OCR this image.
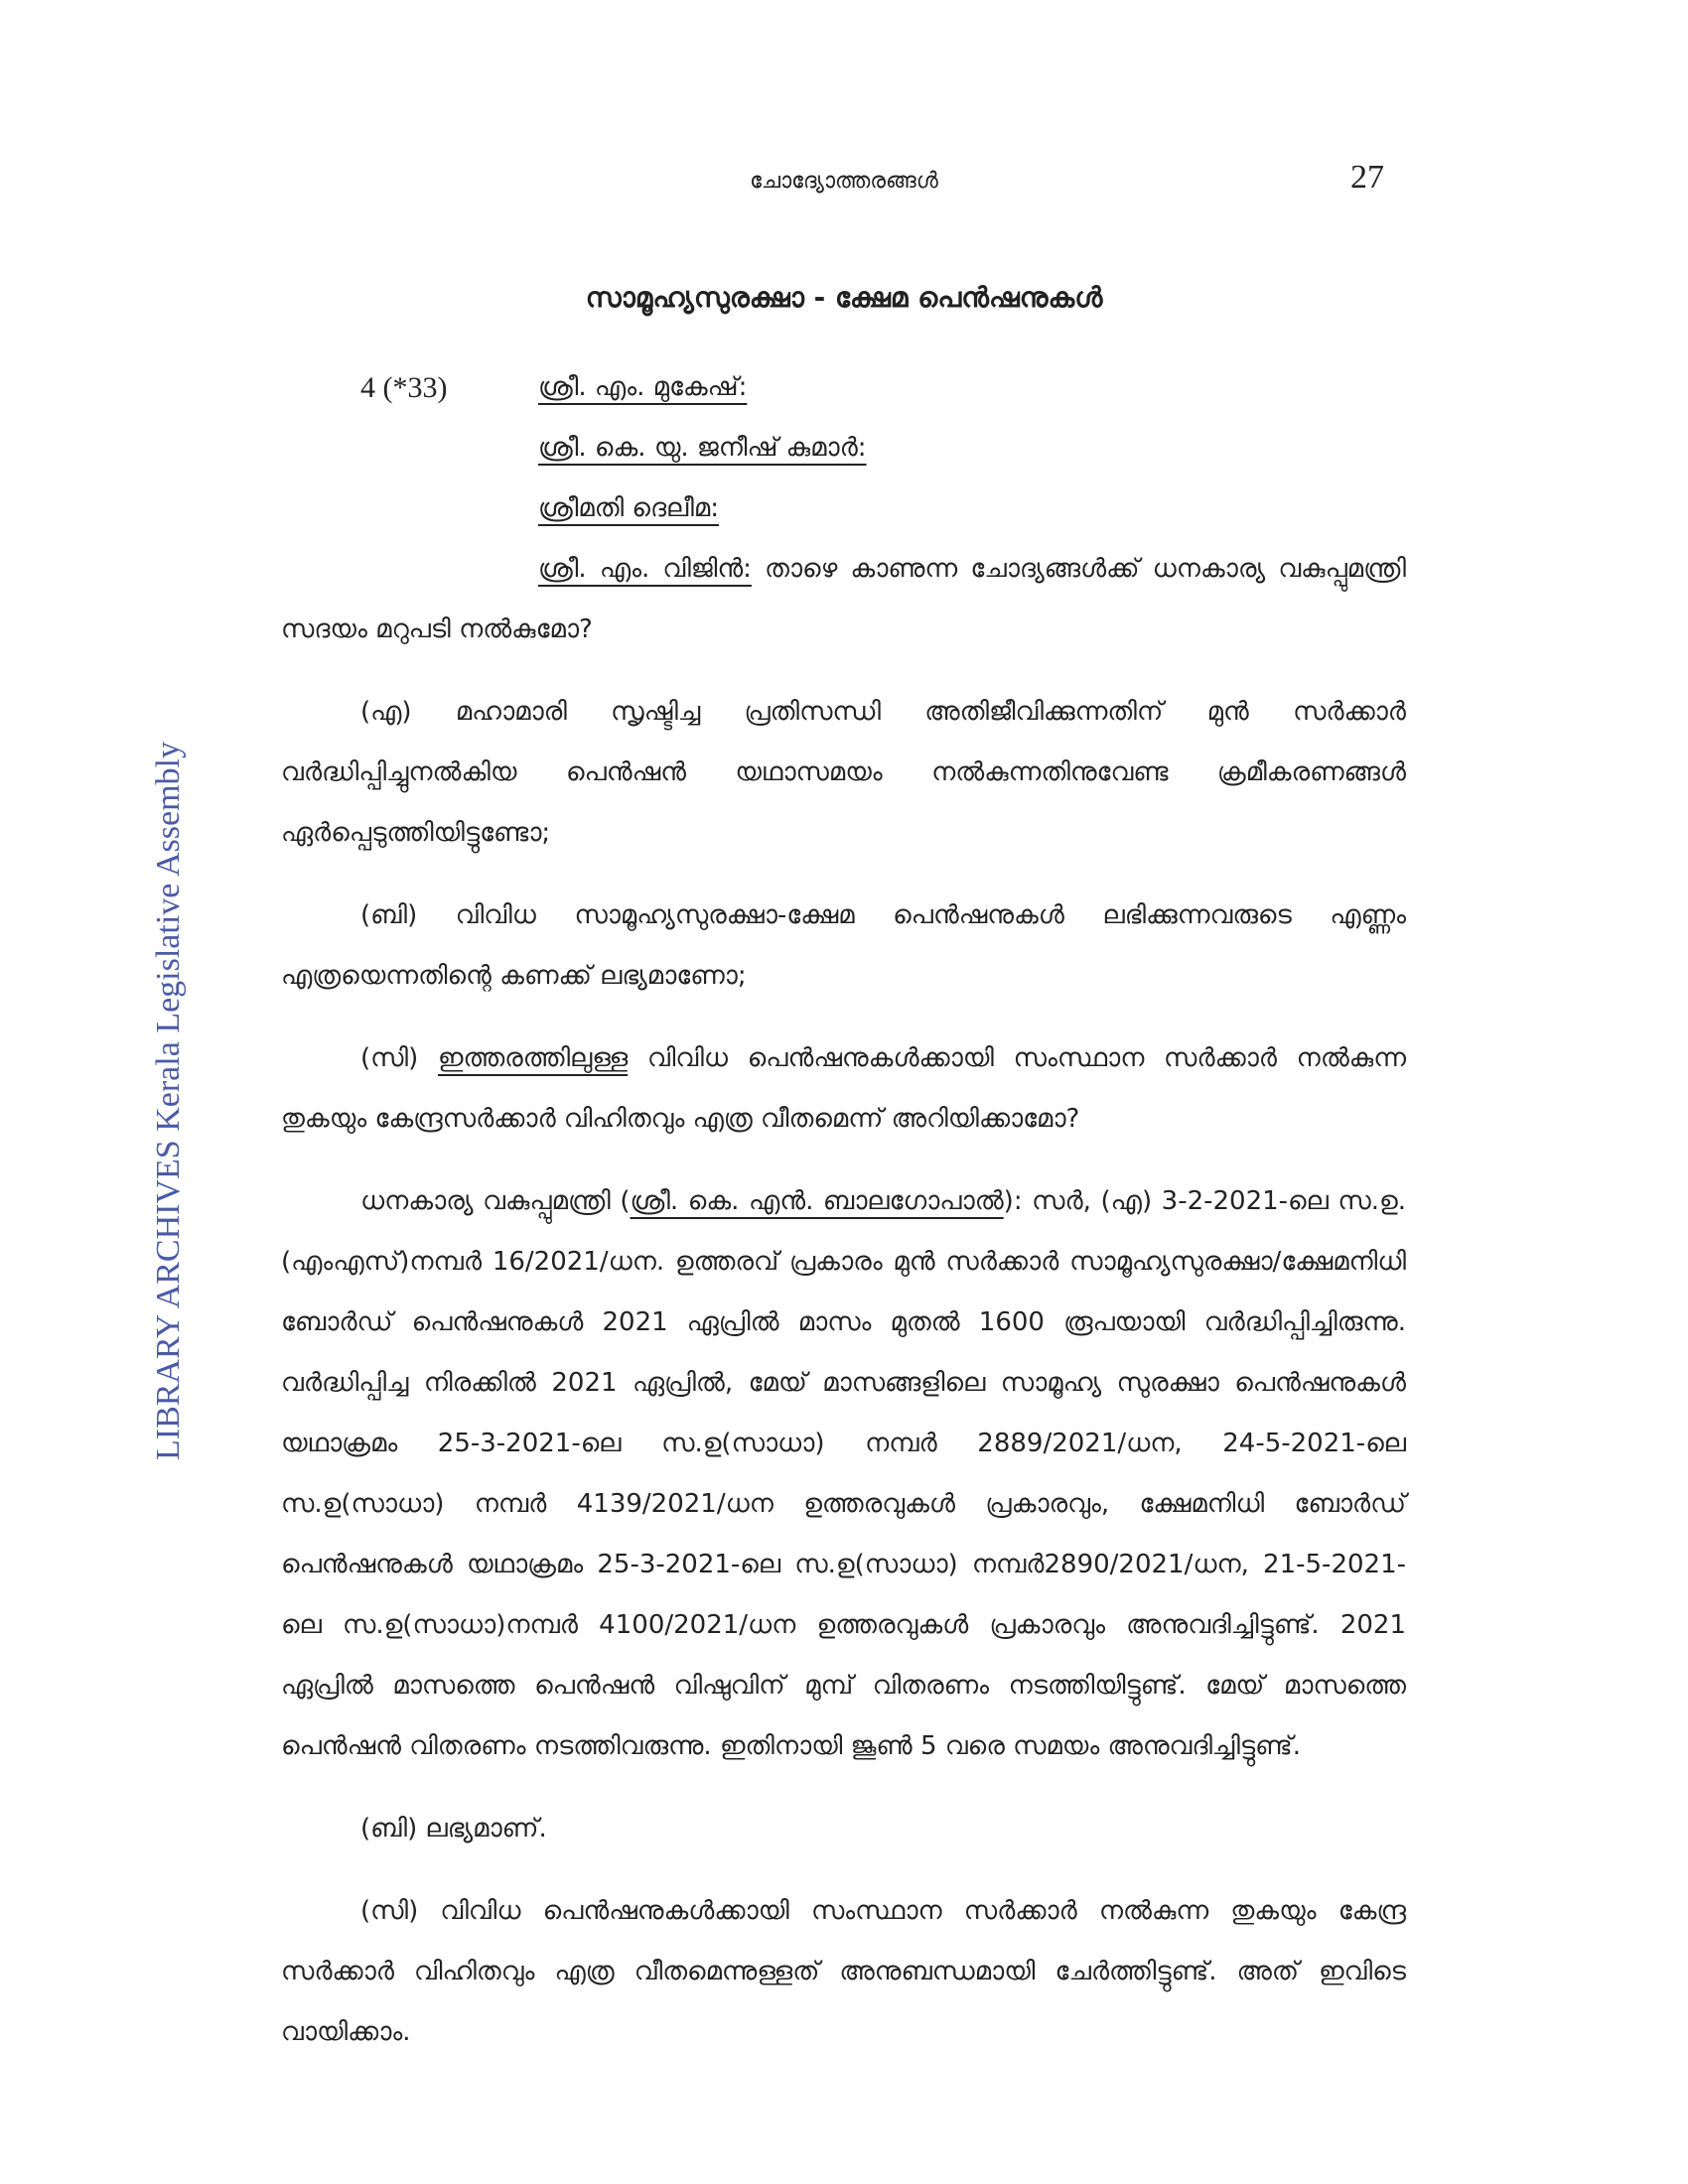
ചോദ്യോത്തരങ്ങൾ	27
LIBRARY ARCHIVES Kerala Legislative Assembly
സാമൂഹ്യസുരക്ഷാ - ക്ഷേമ പെൻഷനുകൾ
4 (*33)	ശ്രീ. എം. മുകേഷ്:
ശ്രീ. കെ. യു. ജനീഷ് കുമാർ:
ശ്രീമതി ദെലീമ:

ശ്രീ. എം. വിജിൻ: താഴെ കാണുന്ന ചോദ്യങ്ങൾക്ക് ധനകാര്യ വകുപ്പുമന്ത്രി സദയം മറുപടി നൽകുമോ?

(എ) മഹാമാരി സൃഷ്ടിച്ച പ്രതിസന്ധി അതിജീവിക്കുന്നതിന് മുൻ സർക്കാർ വർദ്ധിപ്പിച്ചുനൽകിയ പെൻഷൻ യഥാസമയം നൽകുന്നതിനുവേണ്ട ക്രമീകരണങ്ങൾ ഏർപ്പെടുത്തിയിട്ടുണ്ടോ;

(ബി) വിവിധ സാമൂഹ്യസുരക്ഷാ-ക്ഷേമ പെൻഷനുകൾ ലഭിക്കുന്നവരുടെ എണ്ണം എത്രയെന്നതിന്റെ കണക്ക് ലഭ്യമാണോ;

(സി) ഇത്തരത്തിലുള്ള വിവിധ പെൻഷനുകൾക്കായി സംസ്ഥാന സർക്കാർ നൽകുന്ന തുകയും കേന്ദ്രസർക്കാർ വിഹിതവും എത്ര വീതമെന്ന് അറിയിക്കാമോ?

ധനകാര്യ വകുപ്പുമന്ത്രി (ശ്രീ. കെ. എൻ. ബാലഗോപാൽ): സർ, (എ) 3-2-2021-ലെ സ.ഉ.(എംഎസ്)നമ്പർ 16/2021/ധന. ഉത്തരവ് പ്രകാരം മുൻ സർക്കാർ സാമൂഹ്യസുരക്ഷാ/ക്ഷേമനിധി ബോർഡ് പെൻഷനുകൾ 2021 ഏപ്രിൽ മാസം മുതൽ 1600 രൂപയായി വർദ്ധിപ്പിച്ചിരുന്നു. വർദ്ധിപ്പിച്ച നിരക്കിൽ 2021 ഏപ്രിൽ, മേയ് മാസങ്ങളിലെ സാമൂഹ്യ സുരക്ഷാ പെൻഷനുകൾ യഥാക്രമം 25-3-2021-ലെ സ.ഉ(സാധാ) നമ്പർ 2889/2021/ധന, 24-5-2021-ലെ സ.ഉ(സാധാ) നമ്പർ 4139/2021/ധന ഉത്തരവുകൾ പ്രകാരവും, ക്ഷേമനിധി ബോർഡ് പെൻഷനുകൾ യഥാക്രമം 25-3-2021-ലെ സ.ഉ(സാധാ) നമ്പർ2890/2021/ധന, 21-5-2021-ലെ സ.ഉ(സാധാ)നമ്പർ 4100/2021/ധന ഉത്തരവുകൾ പ്രകാരവും അനുവദിച്ചിട്ടുണ്ട്. 2021 ഏപ്രിൽ മാസത്തെ പെൻഷൻ വിഷുവിന് മുമ്പ് വിതരണം നടത്തിയിട്ടുണ്ട്. മേയ് മാസത്തെ പെൻഷൻ വിതരണം നടത്തിവരുന്നു. ഇതിനായി ജൂൺ 5 വരെ സമയം അനുവദിച്ചിട്ടുണ്ട്.

(ബി) ലഭ്യമാണ്.

(സി) വിവിധ പെൻഷനുകൾക്കായി സംസ്ഥാന സർക്കാർ നൽകുന്ന തുകയും കേന്ദ്ര സർക്കാർ വിഹിതവും എത്ര വീതമെന്നുള്ളത് അനുബന്ധമായി ചേർത്തിട്ടുണ്ട്. അത് ഇവിടെ വായിക്കാം.
